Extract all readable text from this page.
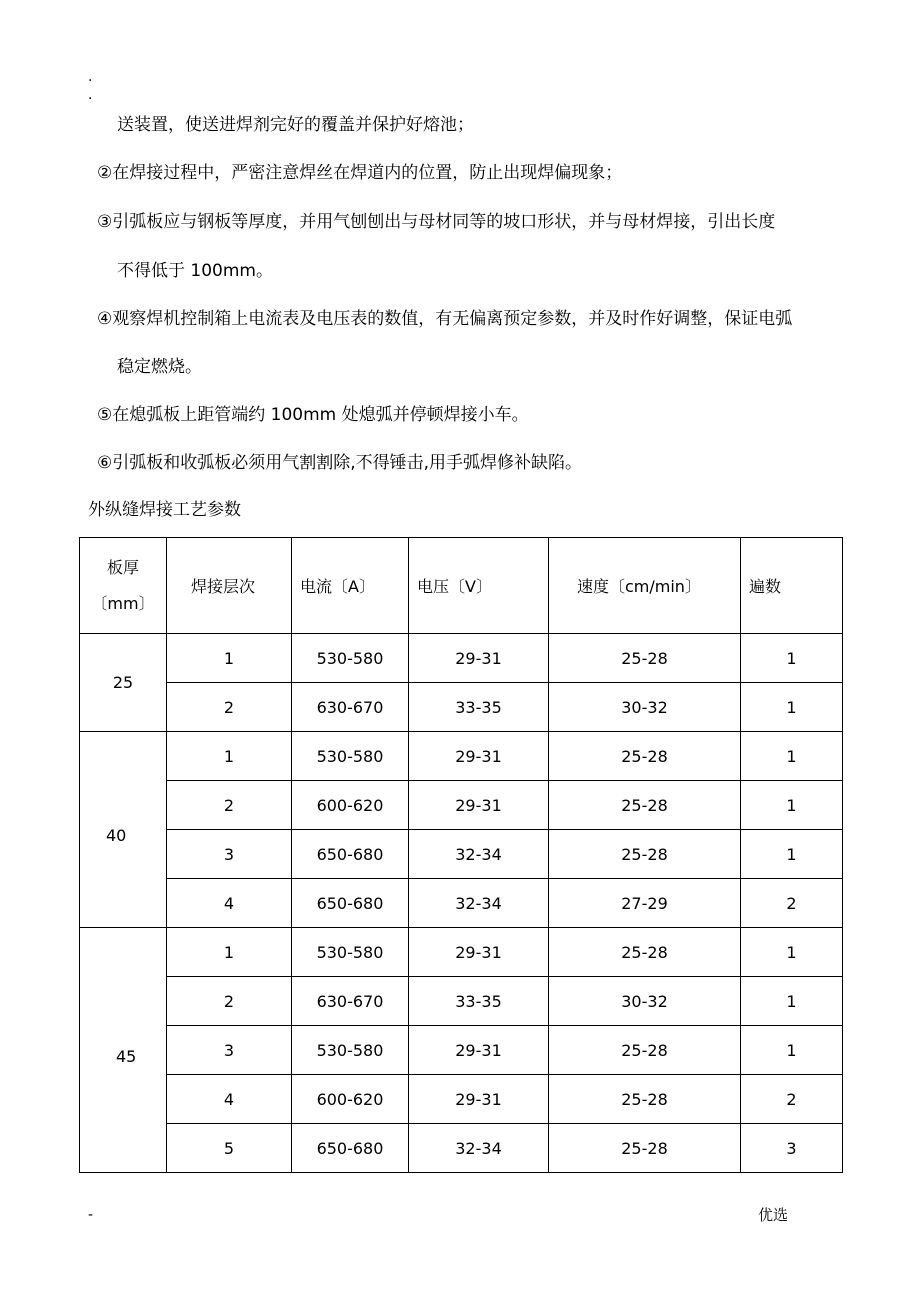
.
.
送装置，使送进焊剂完好的覆盖并保护好熔池；
②在焊接过程中，严密注意焊丝在焊道内的位置，防止出现焊偏现象；
③引弧板应与钢板等厚度，并用气刨刨出与母材同等的坡口形状，并与母材焊接，引出长度
不得低于 100mm。
④观察焊机控制箱上电流表及电压表的数值，有无偏离预定参数，并及时作好调整，保证电弧
稳定燃烧。
⑤在熄弧板上距管端约 100mm 处熄弧并停顿焊接小车。
⑥引弧板和收弧板必须用气割割除,不得锤击,用手弧焊修补缺陷。
外纵缝焊接工艺参数
板厚
〔mm〕	焊接层次	电流〔A〕	电压〔V〕	速度〔cm/min〕	遍数
25	1	530-580	29-31	25-28	1
	2	630-670	33-35	30-32	1
40	1	530-580	29-31	25-28	1
	2	600-620	29-31	25-28	1
	3	650-680	32-34	25-28	1
	4	650-680	32-34	27-29	2
45	1	530-580	29-31	25-28	1
	2	630-670	33-35	30-32	1
	3	530-580	29-31	25-28	1
	4	600-620	29-31	25-28	2
	5	650-680	32-34	25-28	3
-	优选
